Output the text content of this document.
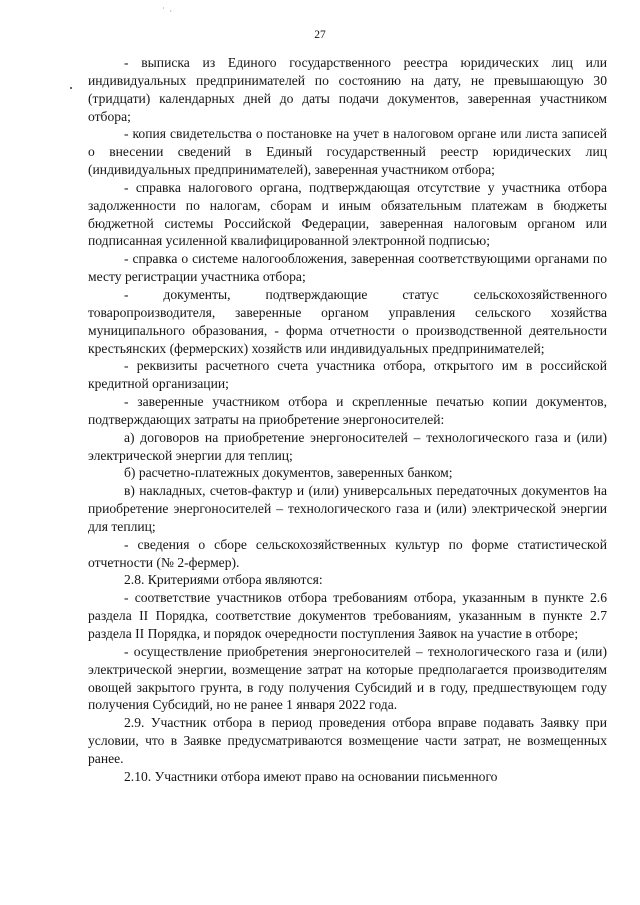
˙ ·
27

- выписка из Единого государственного реестра юридических лиц или индивидуальных предпринимателей по состоянию на дату, не превышающую 30 (тридцати) календарных дней до даты подачи документов, заверенная участником отбора;

- копия свидетельства о постановке на учет в налоговом органе или листа записей о внесении сведений в Единый государственный реестр юридических лиц (индивидуальных предпринимателей), заверенная участником отбора;

- справка налогового органа, подтверждающая отсутствие у участника отбора задолженности по налогам, сборам и иным обязательным платежам в бюджеты бюджетной системы Российской Федерации, заверенная налоговым органом или подписанная усиленной квалифицированной электронной подписью;

- справка о системе налогообложения, заверенная соответствующими органами по месту регистрации участника отбора;

- документы, подтверждающие статус сельскохозяйственного товаропроизводителя, заверенные органом управления сельского хозяйства муниципального образования, - форма отчетности о производственной деятельности крестьянских (фермерских) хозяйств или индивидуальных предпринимателей;

- реквизиты расчетного счета участника отбора, открытого им в российской кредитной организации;

- заверенные участником отбора и скрепленные печатью копии документов, подтверждающих затраты на приобретение энергоносителей:

а) договоров на приобретение энергоносителей – технологического газа и (или) электрической энергии для теплиц;

б) расчетно-платежных документов, заверенных банком;

в) накладных, счетов-фактур и (или) универсальных передаточных документов на приобретение энергоносителей – технологического газа и (или) электрической энергии для теплиц;

- сведения о сборе сельскохозяйственных культур по форме статистической отчетности (№ 2-фермер).

2.8. Критериями отбора являются:

- соответствие участников отбора требованиям отбора, указанным в пункте 2.6 раздела II Порядка, соответствие документов требованиям, указанным в пункте 2.7 раздела II Порядка, и порядок очередности поступления Заявок на участие в отборе;

- осуществление приобретения энергоносителей – технологического газа и (или) электрической энергии, возмещение затрат на которые предполагается производителям овощей закрытого грунта, в году получения Субсидий и в году, предшествующем году получения Субсидий, но не ранее 1 января 2022 года.

2.9. Участник отбора в период проведения отбора вправе подавать Заявку при условии, что в Заявке предусматриваются возмещение части затрат, не возмещенных ранее.

2.10. Участники отбора имеют право на основании письменного
